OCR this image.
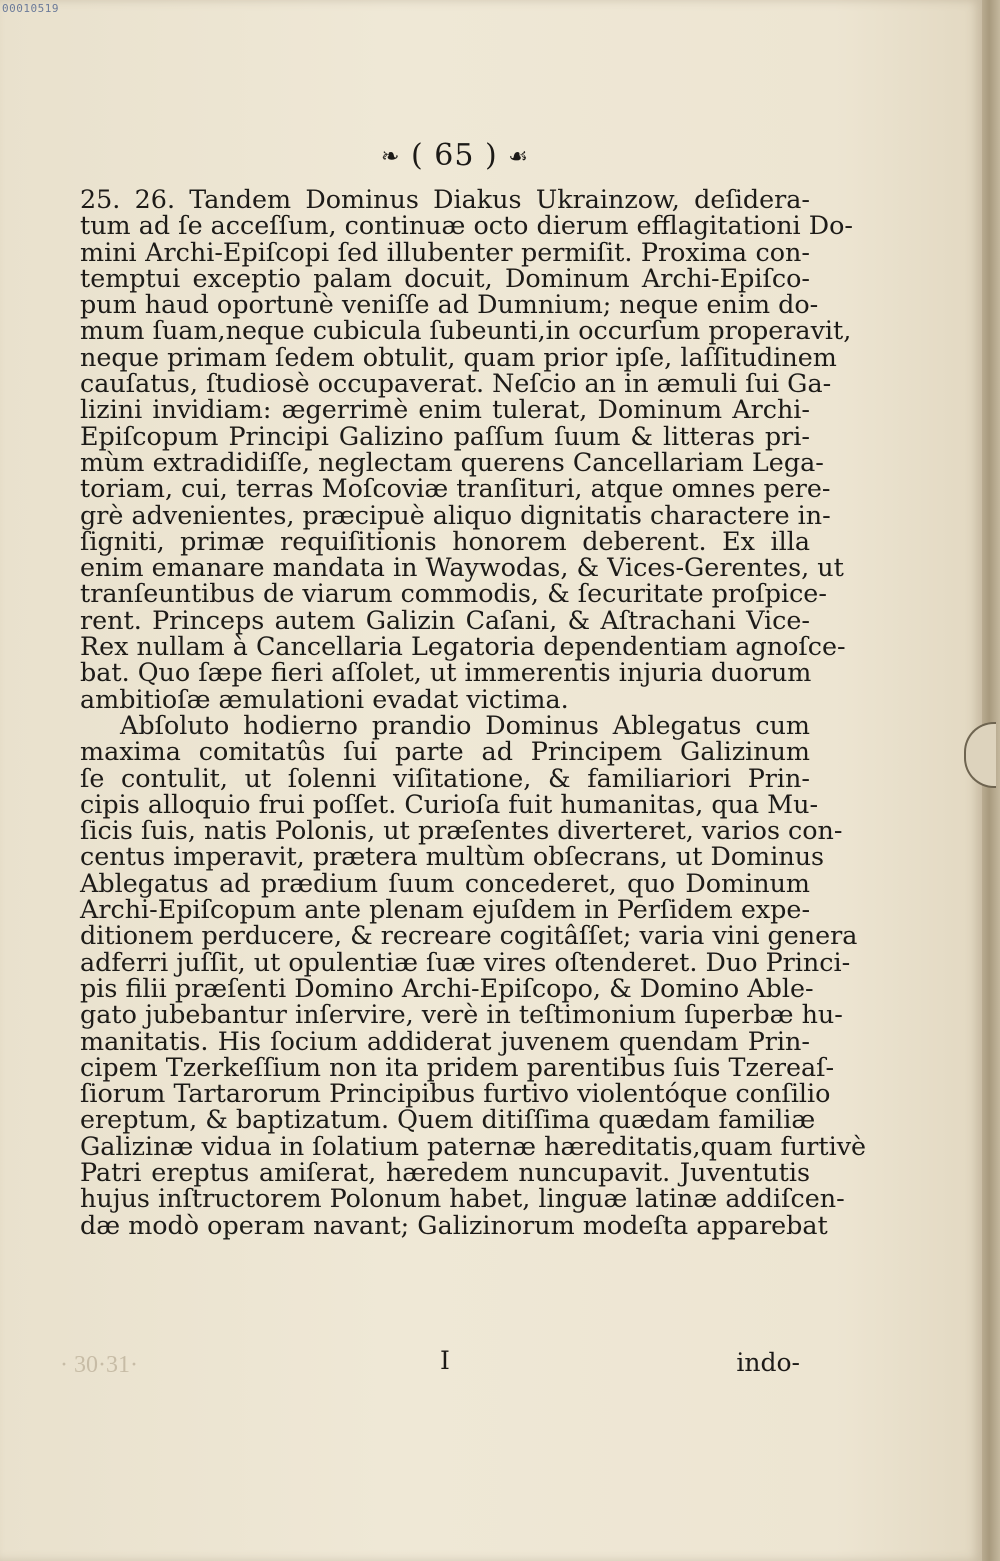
00010519
❧ ( 65 ) ☙
25. 26. Tandem Dominus Diakus Ukrainzow, deſidera-
tum ad ſe acceſſum, continuæ octo dierum efflagitationi Do-
mini Archi-Epiſcopi ſed illubenter permiſit. Proxima con-
temptui exceptio palam docuit, Dominum Archi-Epiſco-
pum haud oportunè veniſſe ad Dumnium; neque enim do-
mum ſuam,neque cubicula ſubeunti,in occurſum properavit,
neque primam ſedem obtulit, quam prior ipſe, laſſitudinem
cauſatus, ſtudiosè occupaverat. Neſcio an in æmuli ſui Ga-
lizini invidiam: ægerrimè enim tulerat, Dominum Archi-
Epiſcopum Principi Galizino paſſum ſuum & litteras pri-
mùm extradidiſſe, neglectam querens Cancellariam Lega-
toriam, cui, terras Moſcoviæ tranſituri, atque omnes pere-
grè advenientes, præcipuè aliquo dignitatis charactere in-
ſigniti, primæ requiſitionis honorem deberent. Ex illa
enim emanare mandata in Waywodas, & Vices-Gerentes, ut
tranſeuntibus de viarum commodis, & ſecuritate proſpice-
rent. Princeps autem Galizin Caſani, & Aſtrachani Vice-
Rex nullam à Cancellaria Legatoria dependentiam agnoſce-
bat. Quo ſæpe fieri aſſolet, ut immerentis injuria duorum
ambitioſæ æmulationi evadat victima.
Abſoluto hodierno prandio Dominus Ablegatus cum
maxima comitatûs ſui parte ad Principem Galizinum
ſe contulit, ut ſolenni viſitatione, & familiariori Prin-
cipis alloquio frui poſſet. Curioſa fuit humanitas, qua Mu-
ſicis ſuis, natis Polonis, ut præſentes diverteret, varios con-
centus imperavit, prætera multùm obſecrans, ut Dominus
Ablegatus ad prædium ſuum concederet, quo Dominum
Archi-Epiſcopum ante plenam ejuſdem in Perſidem expe-
ditionem perducere, & recreare cogitâſſet; varia vini genera
adferri juſſit, ut opulentiæ ſuæ vires oſtenderet. Duo Princi-
pis filii præſenti Domino Archi-Epiſcopo, & Domino Able-
gato jubebantur inſervire, verè in teſtimonium ſuperbæ hu-
manitatis. His ſocium addiderat juvenem quendam Prin-
cipem Tzerkeſſium non ita pridem parentibus ſuis Tzereaſ-
ſiorum Tartarorum Principibus furtivo violentóque conſilio
ereptum, & baptizatum. Quem ditiſſima quædam familiæ
Galizinæ vidua in ſolatium paternæ hæreditatis,quam furtivè
Patri ereptus amiſerat, hæredem nuncupavit. Juventutis
hujus inſtructorem Polonum habet, linguæ latinæ addiſcen-
dæ modò operam navant; Galizinorum modeſta apparebat
· 30·31·	I	indo-
